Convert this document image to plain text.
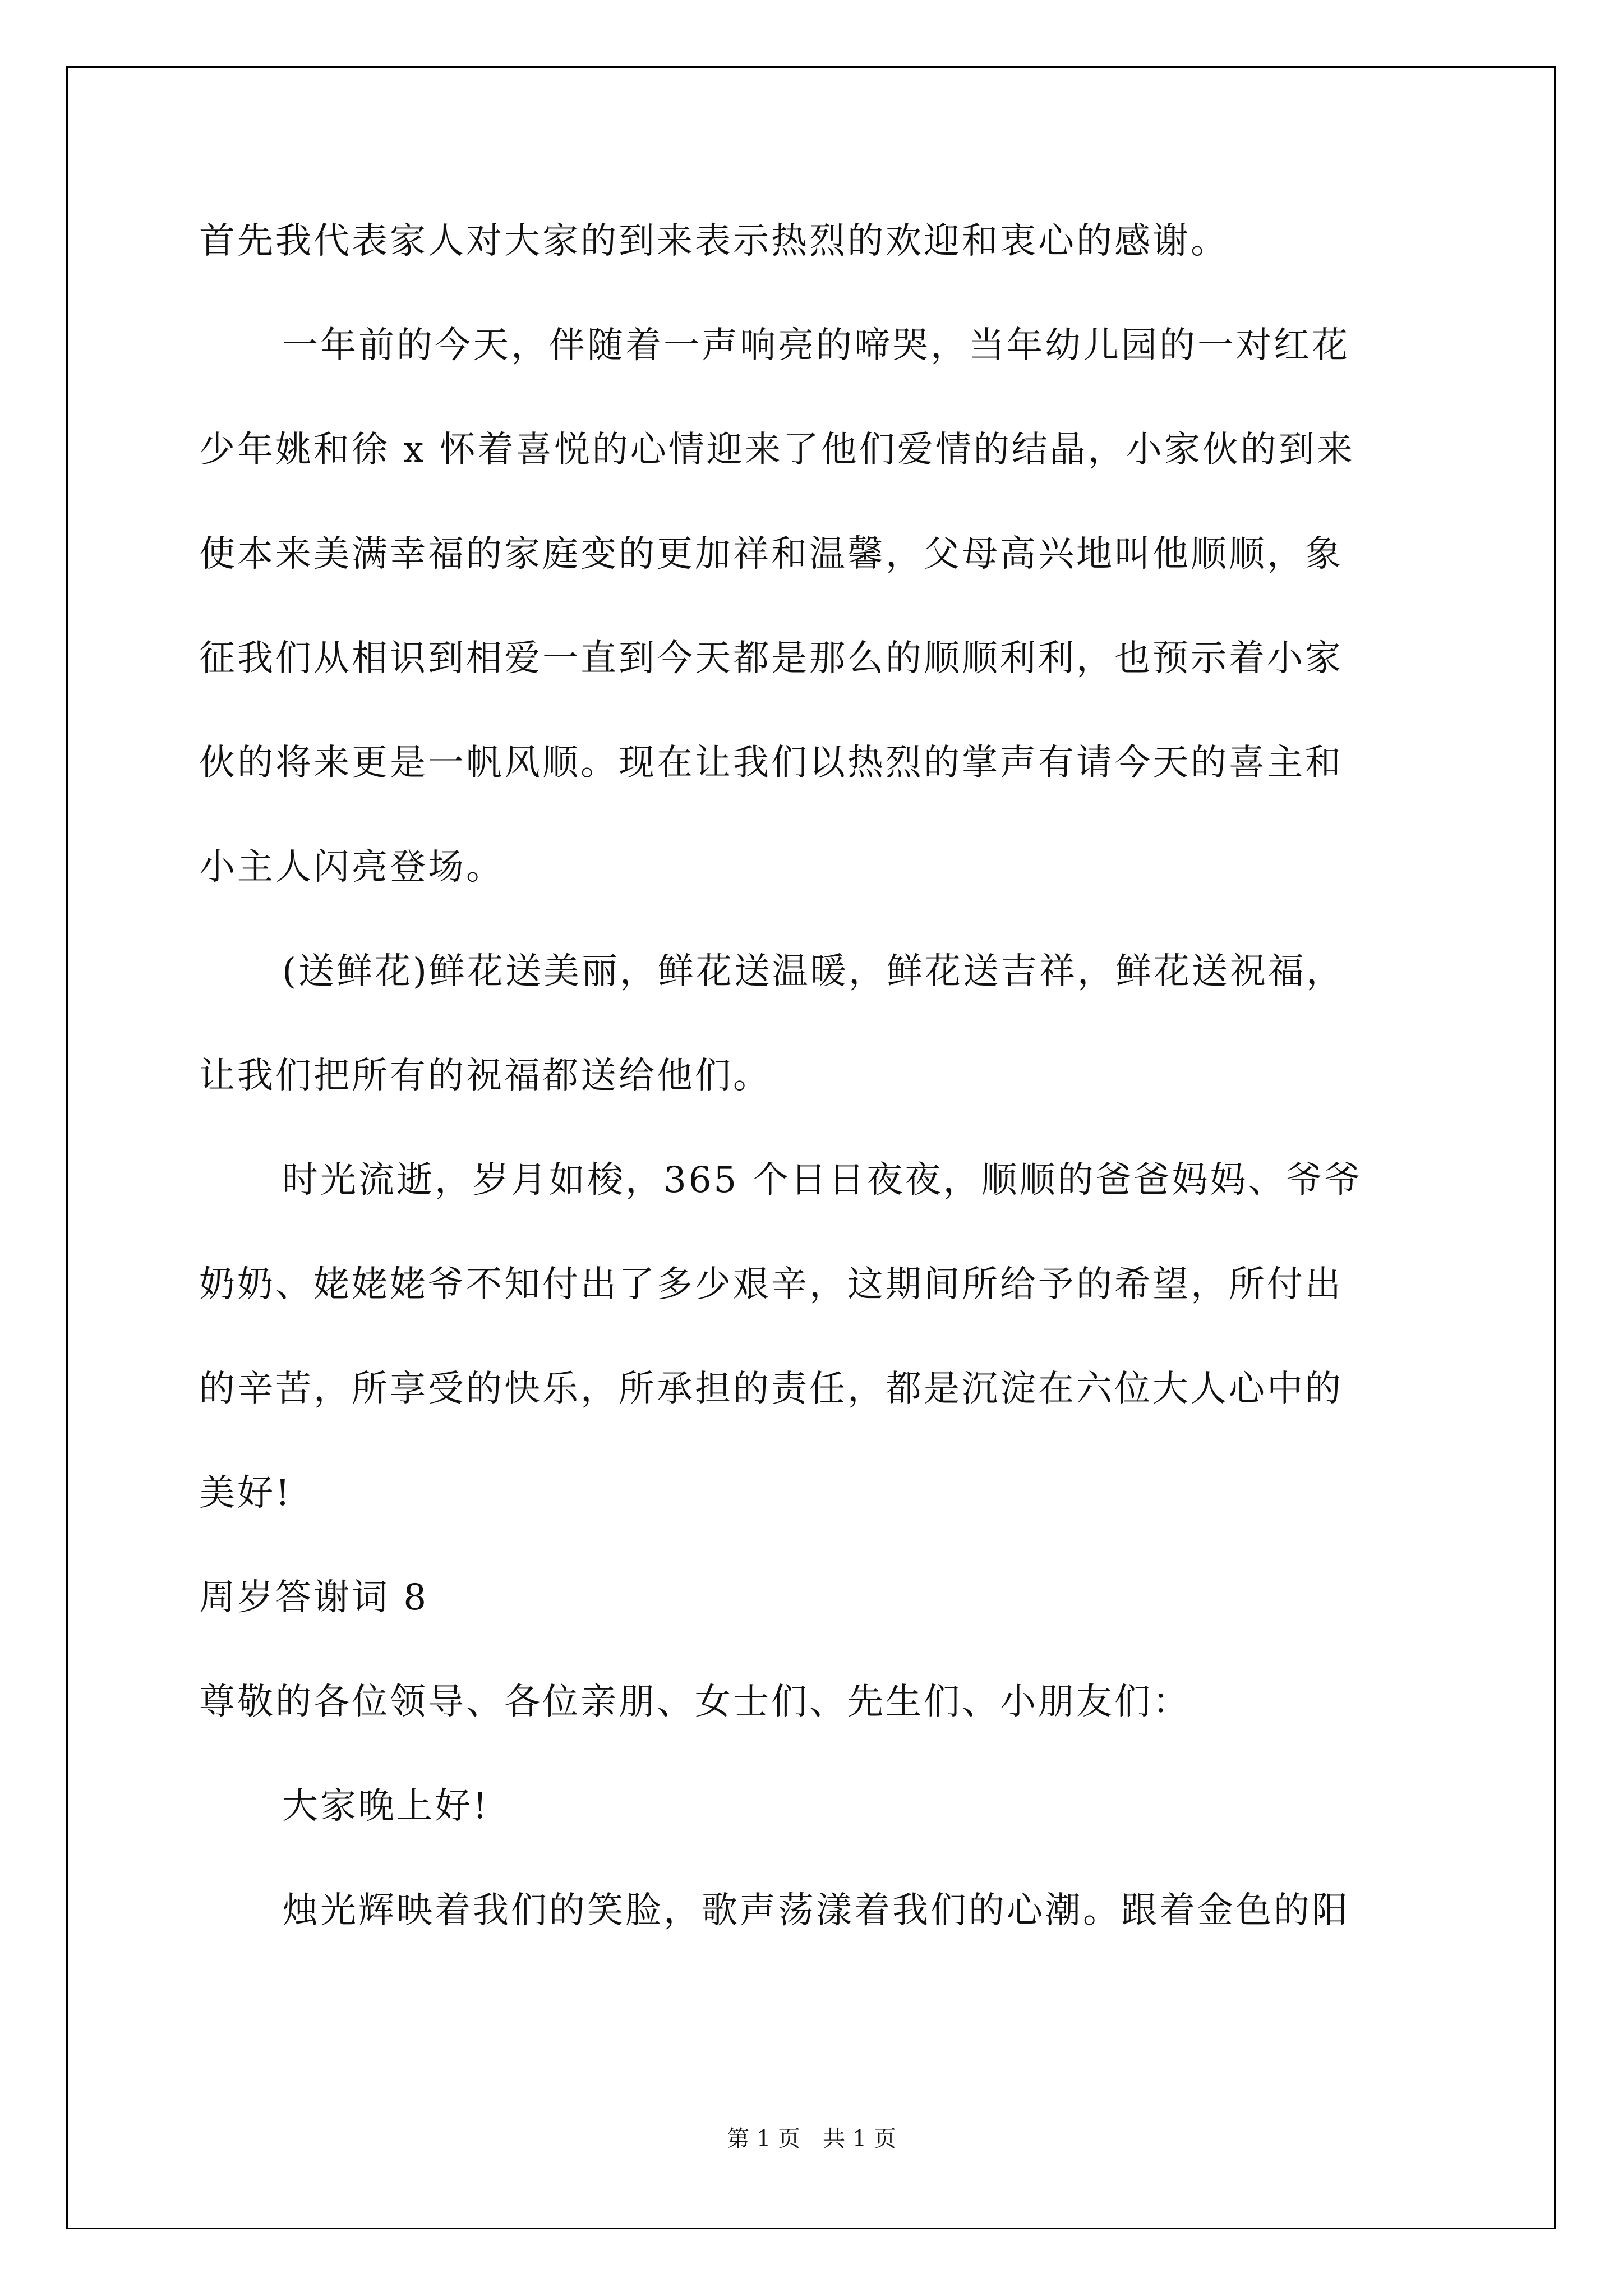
首先我代表家人对大家的到来表示热烈的欢迎和衷心的感谢。
一年前的今天，伴随着一声响亮的啼哭，当年幼儿园的一对红花
少年姚和徐 x 怀着喜悦的心情迎来了他们爱情的结晶，小家伙的到来
使本来美满幸福的家庭变的更加祥和温馨，父母高兴地叫他顺顺，象
征我们从相识到相爱一直到今天都是那么的顺顺利利，也预示着小家
伙的将来更是一帆风顺。现在让我们以热烈的掌声有请今天的喜主和
小主人闪亮登场。
(送鲜花)鲜花送美丽，鲜花送温暖，鲜花送吉祥，鲜花送祝福，
让我们把所有的祝福都送给他们。
时光流逝，岁月如梭，365 个日日夜夜，顺顺的爸爸妈妈、爷爷
奶奶、姥姥姥爷不知付出了多少艰辛，这期间所给予的希望，所付出
的辛苦，所享受的快乐，所承担的责任，都是沉淀在六位大人心中的
美好!
周岁答谢词 8
尊敬的各位领导、各位亲朋、女士们、先生们、小朋友们：
大家晚上好!
烛光辉映着我们的笑脸，歌声荡漾着我们的心潮。跟着金色的阳
第 1 页　共 1 页
